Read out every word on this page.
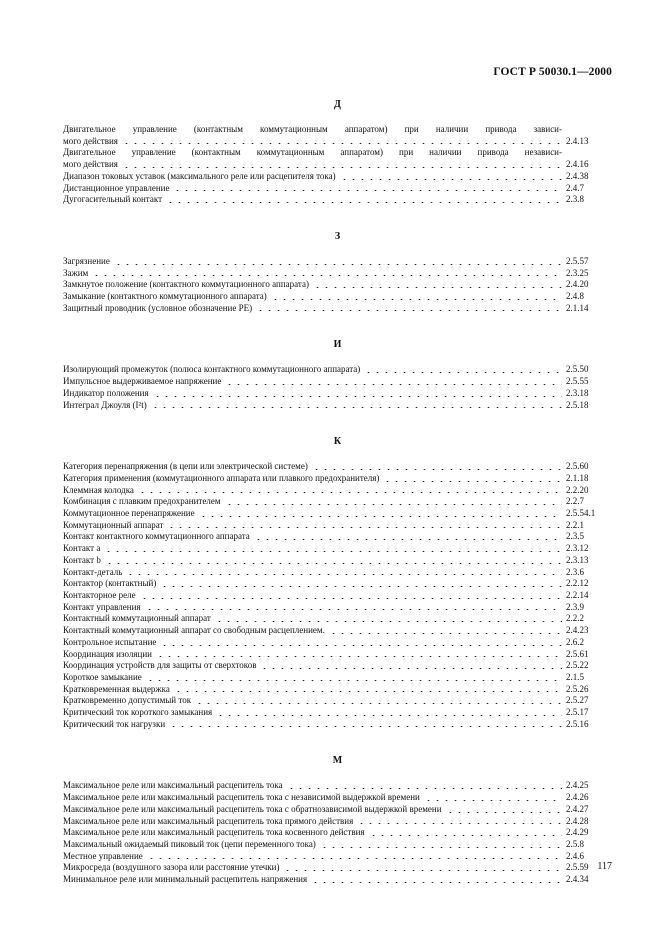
ГОСТ Р 50030.1—2000
Д
Двигательное управление (контактным коммутационным аппаратом) при наличии привода зависи-
мого действия	2.4.13
Двигательное управление (контактным коммутационным аппаратом) при наличии привода независи-
мого действия	2.4.16
Диапазон токовых уставок (максимального реле или расцепителя тока)	2.4.38
Дистанционное управление	2.4.7
Дугогасительный контакт	2.3.8
З
Загрязнение	2.5.57
Зажим	2.3.25
Замкнутое положение (контактного коммутационного аппарата)	2.4.20
Замыкание (контактного коммутационного аппарата)	2.4.8
Защитный проводник (условное обозначение PE)	2.1.14
И
Изолирующий промежуток (полюса контактного коммутационного аппарата)	2.5.50
Импульсное выдерживаемое напряжение	2.5.55
Индикатор положения	2.3.18
Интеграл Джоуля (I²t)	2.5.18
К
Категория перенапряжения (в цепи или электрической системе)	2.5.60
Категория применения (коммутационного аппарата или плавкого предохранителя)	2.1.18
Клеммная колодка	2.2.20
Комбинация с плавким предохранителем	2.2.7
Коммутационное перенапряжение	2.5.54.1
Коммутационный аппарат	2.2.1
Контакт контактного коммутационного аппарата	2.3.5
Контакт a	2.3.12
Контакт b	2.3.13
Контакт-деталь	2.3.6
Контактор (контактный)	2.2.12
Контакторное реле	2.2.14
Контакт управления	2.3.9
Контактный коммутационный аппарат	2.2.2
Контактный коммутационный аппарат со свободным расцеплением.	2.4.23
Контрольное испытание	2.6.2
Координация изоляции	2.5.61
Координация устройств для защиты от сверхтоков	2.5.22
Короткое замыкание	2.1.5
Кратковременная выдержка	2.5.26
Кратковременно допустимый ток	2.5.27
Критический ток короткого замыкания	2.5.17
Критический ток нагрузки	2.5.16
М
Максимальное реле или максимальный расцепитель тока	2.4.25
Максимальное реле или максимальный расцепитель тока с независимой выдержкой времени	2.4.26
Максимальное реле или максимальный расцепитель тока с обратнозависимой выдержкой времени	2.4.27
Максимальное реле или максимальный расцепитель тока прямого действия	2.4.28
Максимальное реле или максимальный расцепитель тока косвенного действия	2.4.29
Максимальный ожидаемый пиковый ток (цепи переменного тока)	2.5.8
Местное управление	2.4.6
Микросреда (воздушного зазора или расстояние утечки)	2.5.59
Минимальное реле или минимальный расцепитель напряжения	2.4.34
117
